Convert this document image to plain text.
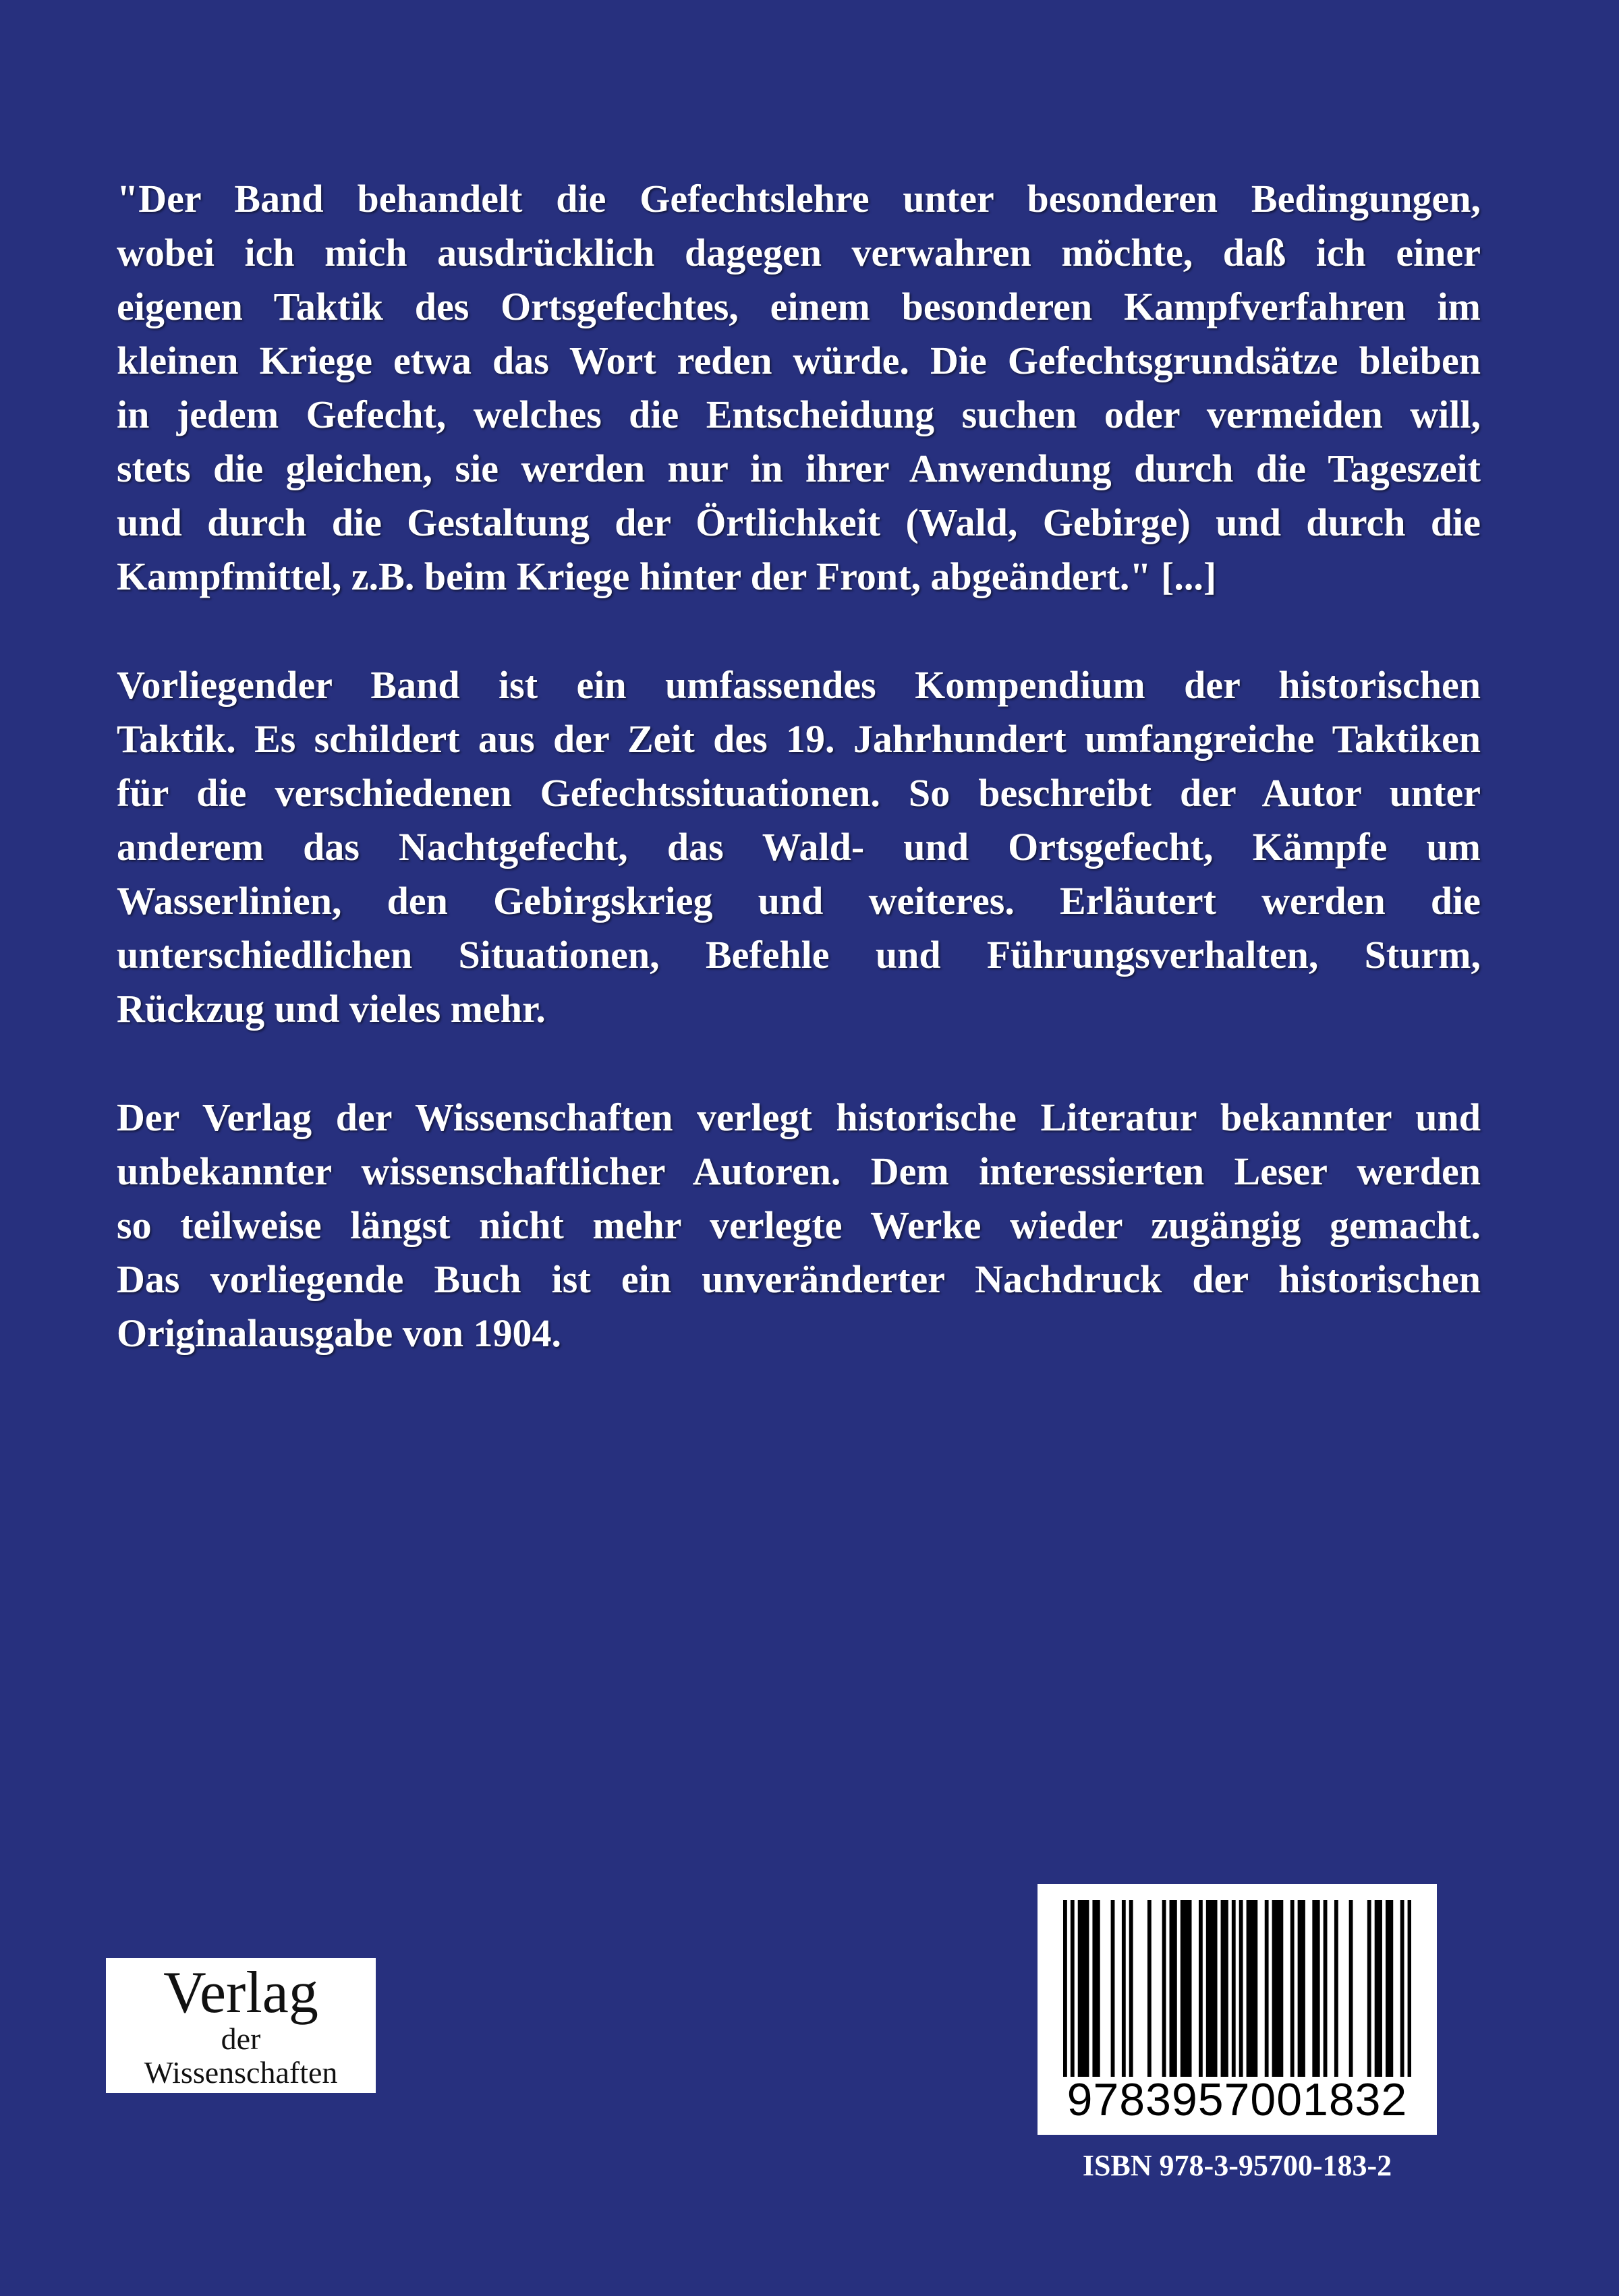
"Der Band behandelt die Gefechtslehre unter besonderen Bedingungen,
wobei ich mich ausdrücklich dagegen verwahren möchte, daß ich einer
eigenen Taktik des Ortsgefechtes, einem besonderen Kampfverfahren im
kleinen Kriege etwa das Wort reden würde. Die Gefechtsgrundsätze bleiben
in jedem Gefecht, welches die Entscheidung suchen oder vermeiden will,
stets die gleichen, sie werden nur in ihrer Anwendung durch die Tageszeit
und durch die Gestaltung der Örtlichkeit (Wald, Gebirge) und durch die
Kampfmittel, z.B. beim Kriege hinter der Front, abgeändert." [...]
Vorliegender Band ist ein umfassendes Kompendium der historischen
Taktik. Es schildert aus der Zeit des 19. Jahrhundert umfangreiche Taktiken
für die verschiedenen Gefechtssituationen. So beschreibt der Autor unter
anderem das Nachtgefecht, das Wald- und Ortsgefecht, Kämpfe um
Wasserlinien, den Gebirgskrieg und weiteres. Erläutert werden die
unterschiedlichen Situationen, Befehle und Führungsverhalten, Sturm,
Rückzug und vieles mehr.
Der Verlag der Wissenschaften verlegt historische Literatur bekannter und
unbekannter wissenschaftlicher Autoren. Dem interessierten Leser werden
so teilweise längst nicht mehr verlegte Werke wieder zugängig gemacht.
Das vorliegende Buch ist ein unveränderter Nachdruck der historischen
Originalausgabe von 1904.
Verlag
der
Wissenschaften
9783957001832
ISBN 978-3-95700-183-2
